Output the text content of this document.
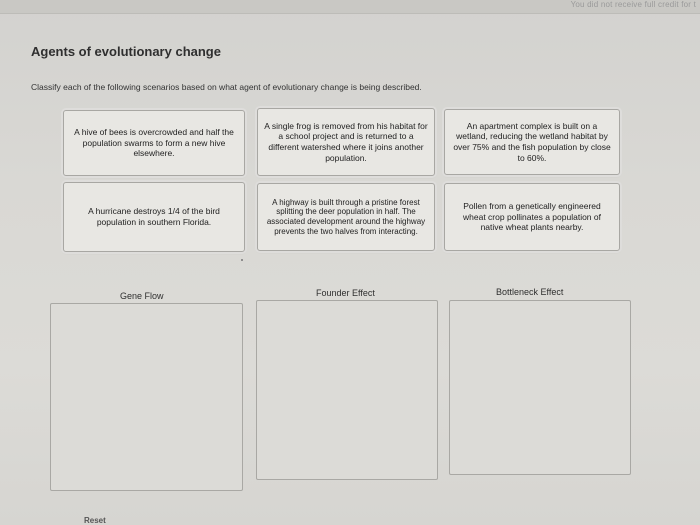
You did not receive full credit for t
Agents of evolutionary change
Classify each of the following scenarios based on what agent of evolutionary change is being described.
A hive of bees is overcrowded and half the population swarms to form a new hive elsewhere.
A single frog is removed from his habitat for a school project and is returned to a different watershed where it joins another population.
An apartment complex is built on a wetland, reducing the wetland habitat by over 75% and the fish population by close to 60%.
A hurricane destroys 1/4 of the bird population in southern Florida.
A highway is built through a pristine forest splitting the deer population in half. The associated development around the highway prevents the two halves from interacting.
Pollen from a genetically engineered wheat crop pollinates a population of native wheat plants nearby.
Gene Flow	Founder Effect	Bottleneck Effect
Reset
